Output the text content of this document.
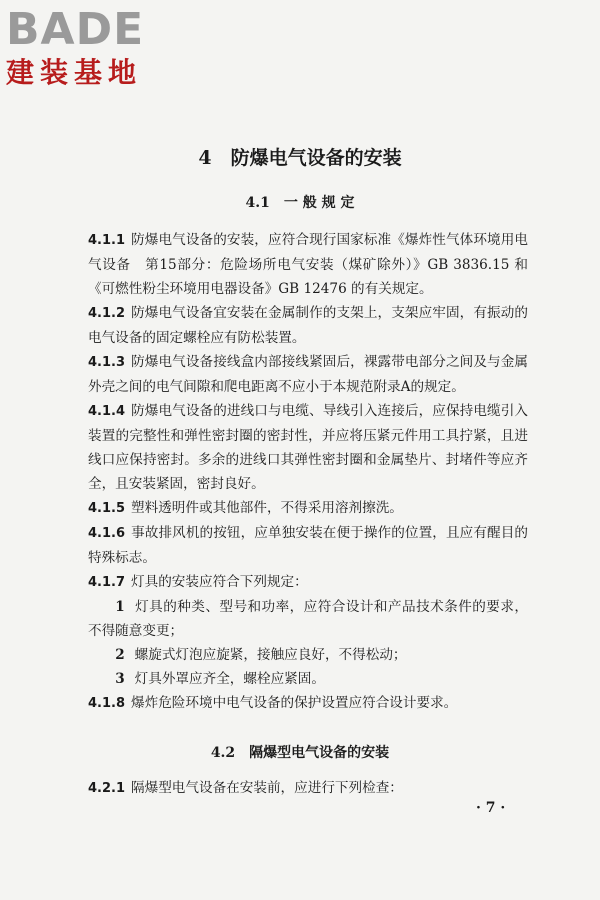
BADE
建装基地
4　防爆电气设备的安装
4.1　一 般 规 定
4.1.1 防爆电气设备的安装，应符合现行国家标准《爆炸性气体环境用电气设备　第15部分：危险场所电气安装（煤矿除外）》GB 3836.15 和《可燃性粉尘环境用电器设备》GB 12476 的有关规定。
4.1.2 防爆电气设备宜安装在金属制作的支架上，支架应牢固，有振动的电气设备的固定螺栓应有防松装置。
4.1.3 防爆电气设备接线盒内部接线紧固后，裸露带电部分之间及与金属外壳之间的电气间隙和爬电距离不应小于本规范附录A的规定。
4.1.4 防爆电气设备的进线口与电缆、导线引入连接后，应保持电缆引入装置的完整性和弹性密封圈的密封性，并应将压紧元件用工具拧紧，且进线口应保持密封。多余的进线口其弹性密封圈和金属垫片、封堵件等应齐全，且安装紧固，密封良好。
4.1.5 塑料透明件或其他部件，不得采用溶剂擦洗。
4.1.6 事故排风机的按钮，应单独安装在便于操作的位置，且应有醒目的特殊标志。
4.1.7 灯具的安装应符合下列规定：
1 灯具的种类、型号和功率，应符合设计和产品技术条件的要求，不得随意变更；
2 螺旋式灯泡应旋紧，接触应良好，不得松动；
3 灯具外罩应齐全，螺栓应紧固。
4.1.8 爆炸危险环境中电气设备的保护设置应符合设计要求。
4.2　隔爆型电气设备的安装
4.2.1 隔爆型电气设备在安装前，应进行下列检查：
· 7 ·
